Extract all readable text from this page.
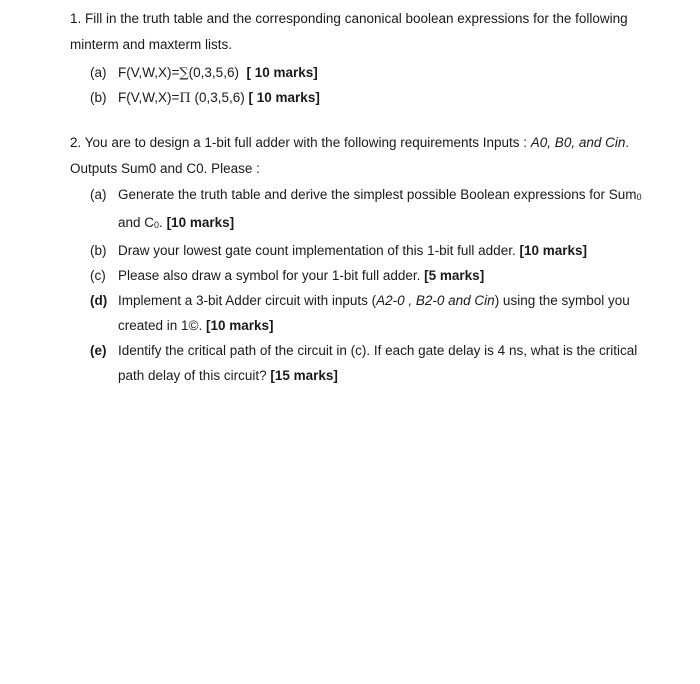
1. Fill in the truth table and the corresponding canonical boolean expressions for the following minterm and maxterm lists.
(a) F(V,W,X)=∑(0,3,5,6) [ 10 marks]
(b) F(V,W,X)=Π (0,3,5,6) [ 10 marks]
2. You are to design a 1-bit full adder with the following requirements Inputs : A0, B0, and Cin. Outputs Sum0 and C0. Please :
(a) Generate the truth table and derive the simplest possible Boolean expressions for Sum0 and C0. [10 marks]
(b) Draw your lowest gate count implementation of this 1-bit full adder. [10 marks]
(c) Please also draw a symbol for your 1-bit full adder. [5 marks]
(d) Implement a 3-bit Adder circuit with inputs (A2-0 , B2-0 and Cin) using the symbol you created in 1©. [10 marks]
(e) Identify the critical path of the circuit in (c). If each gate delay is 4 ns, what is the critical path delay of this circuit? [15 marks]
